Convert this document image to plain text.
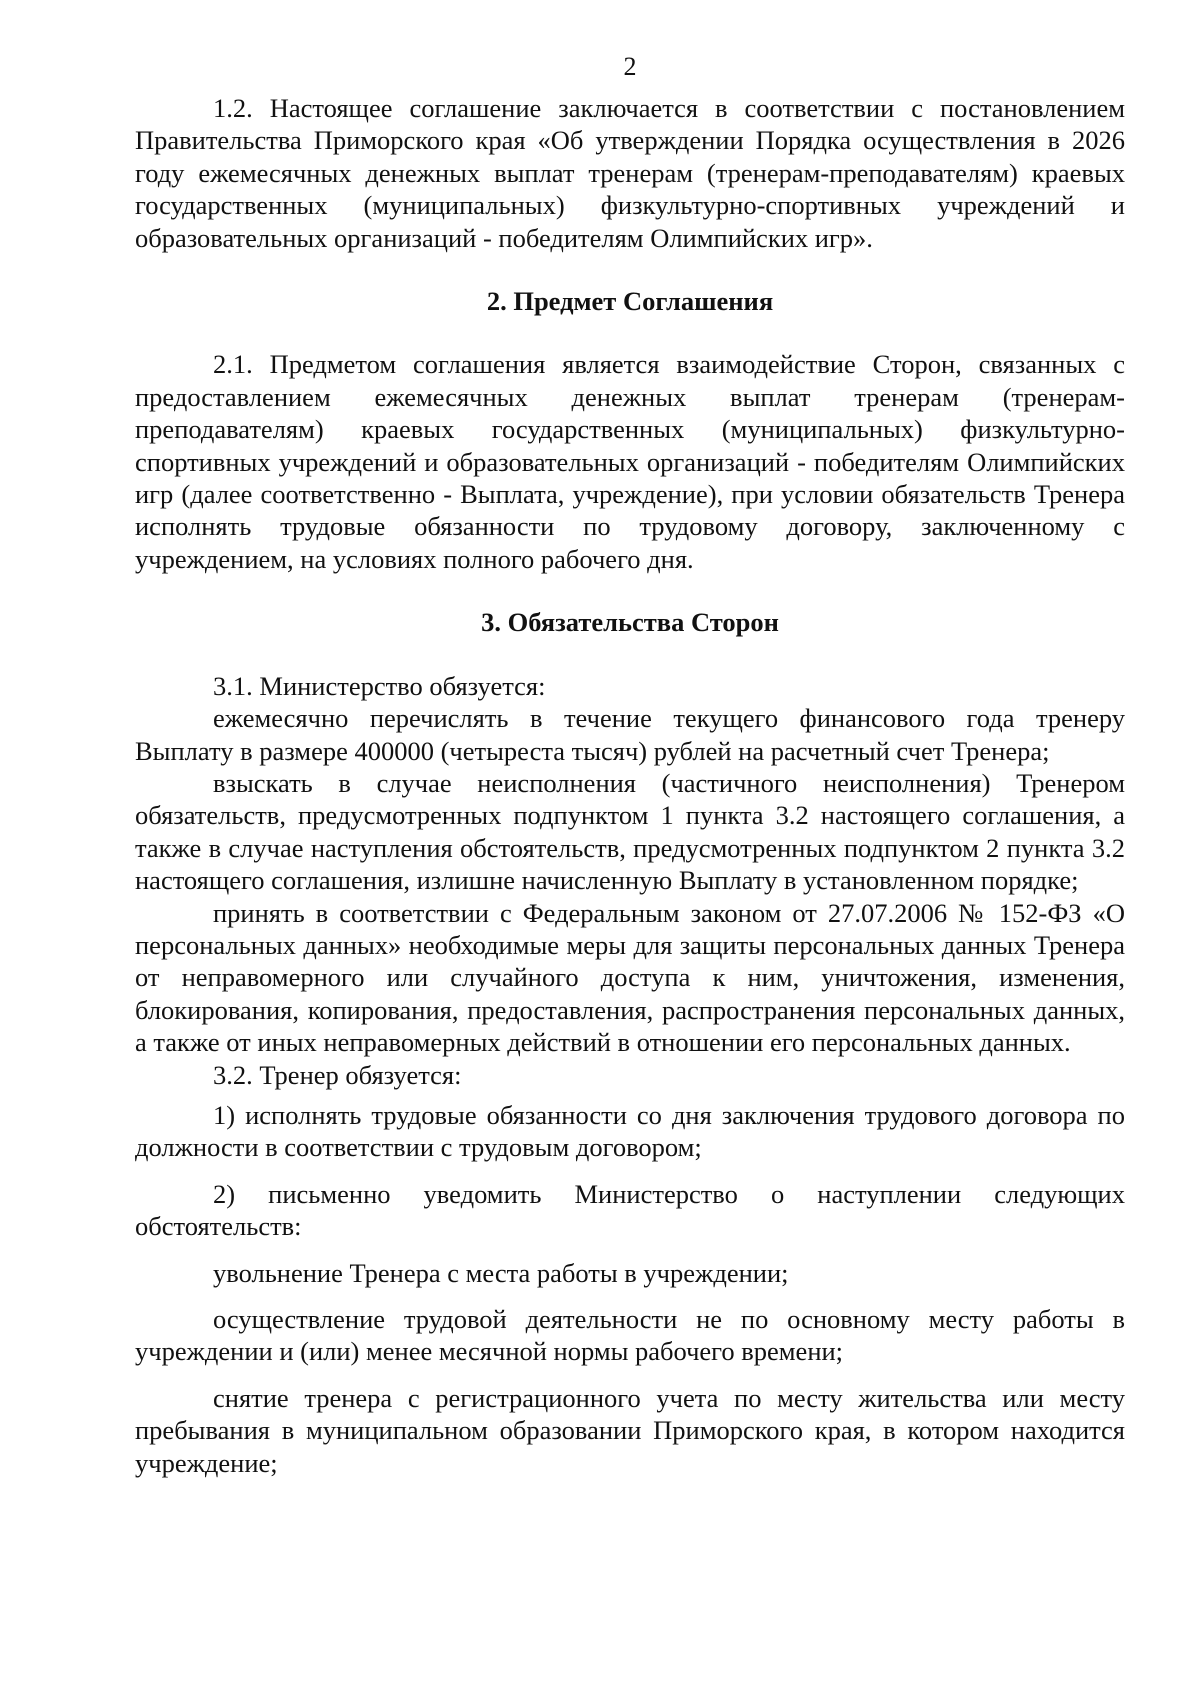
2

1.2. Настоящее соглашение заключается в соответствии с постановлением Правительства Приморского края «Об утверждении Порядка осуществления в 2026 году ежемесячных денежных выплат тренерам (тренерам-преподавателям) краевых государственных (муниципальных) физкультурно-спортивных учреждений и образовательных организаций - победителям Олимпийских игр».

2. Предмет Соглашения

2.1. Предметом соглашения является взаимодействие Сторон, связанных с предоставлением ежемесячных денежных выплат тренерам (тренерам-преподавателям) краевых государственных (муниципальных) физкультурно-спортивных учреждений и образовательных организаций - победителям Олимпийских игр (далее соответственно - Выплата, учреждение), при условии обязательств Тренера исполнять трудовые обязанности по трудовому договору, заключенному с учреждением, на условиях полного рабочего дня.

3. Обязательства Сторон

3.1. Министерство обязуется:

ежемесячно перечислять в течение текущего финансового года тренеру Выплату в размере 400000 (четыреста тысяч) рублей на расчетный счет Тренера;

взыскать в случае неисполнения (частичного неисполнения) Тренером обязательств, предусмотренных подпунктом 1 пункта 3.2 настоящего соглашения, а также в случае наступления обстоятельств, предусмотренных подпунктом 2 пункта 3.2 настоящего соглашения, излишне начисленную Выплату в установленном порядке;

принять в соответствии с Федеральным законом от 27.07.2006 № 152-ФЗ «О персональных данных» необходимые меры для защиты персональных данных Тренера от неправомерного или случайного доступа к ним, уничтожения, изменения, блокирования, копирования, предоставления, распространения персональных данных, а также от иных неправомерных действий в отношении его персональных данных.

3.2. Тренер обязуется:

1) исполнять трудовые обязанности со дня заключения трудового договора по должности в соответствии с трудовым договором;

2) письменно уведомить Министерство о наступлении следующих обстоятельств:

увольнение Тренера с места работы в учреждении;

осуществление трудовой деятельности не по основному месту работы в учреждении и (или) менее месячной нормы рабочего времени;

снятие тренера с регистрационного учета по месту жительства или месту пребывания в муниципальном образовании Приморского края, в котором находится учреждение;
